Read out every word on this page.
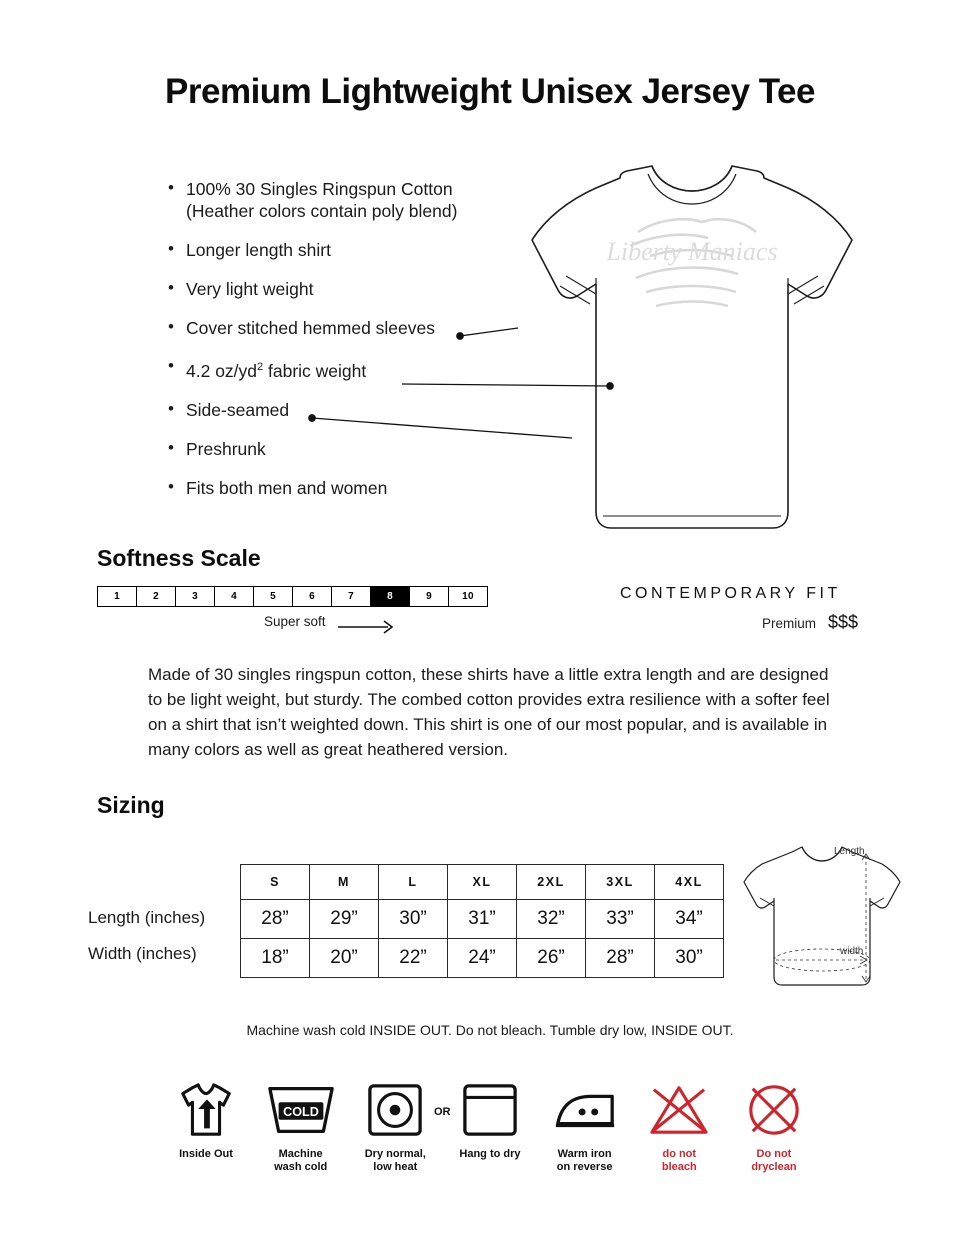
Premium Lightweight Unisex Jersey Tee
• 100% 30 Singles Ringspun Cotton
(Heather colors contain poly blend)
• Longer length shirt
• Very light weight
• Cover stitched hemmed sleeves
• 4.2 $oz/yd^2$ fabric weight
• Side-seamed
• Preshrunk
• Fits both men and women
Liberty Maniacs
Softness Scale
1	2	3	4	5	6	7	8	9	10
Super soft
CONTEMPORARY FIT
Premium $$$
Made of 30 singles ringspun cotton, these shirts have a little extra length and are designed to be light weight, but sturdy. The combed cotton provides extra resilience with a softer feel on a shirt that isn’t weighted down. This shirt is one of our most popular, and is available in many colors as well as great heathered version.
Sizing
Length (inches)
Width (inches)
S	M	L	XL	2XL	3XL	4XL
28”	29”	30”	31”	32”	33”	34”
18”	20”	22”	24”	26”	28”	30”
Length
width
Machine wash cold INSIDE OUT. Do not bleach. Tumble dry low, INSIDE OUT.
Inside Out
COLD
Machine
wash cold
Dry normal,
low heat
Hang to dry	Warm iron
on reverse
do not
bleach
Do not
dryclean
OR
